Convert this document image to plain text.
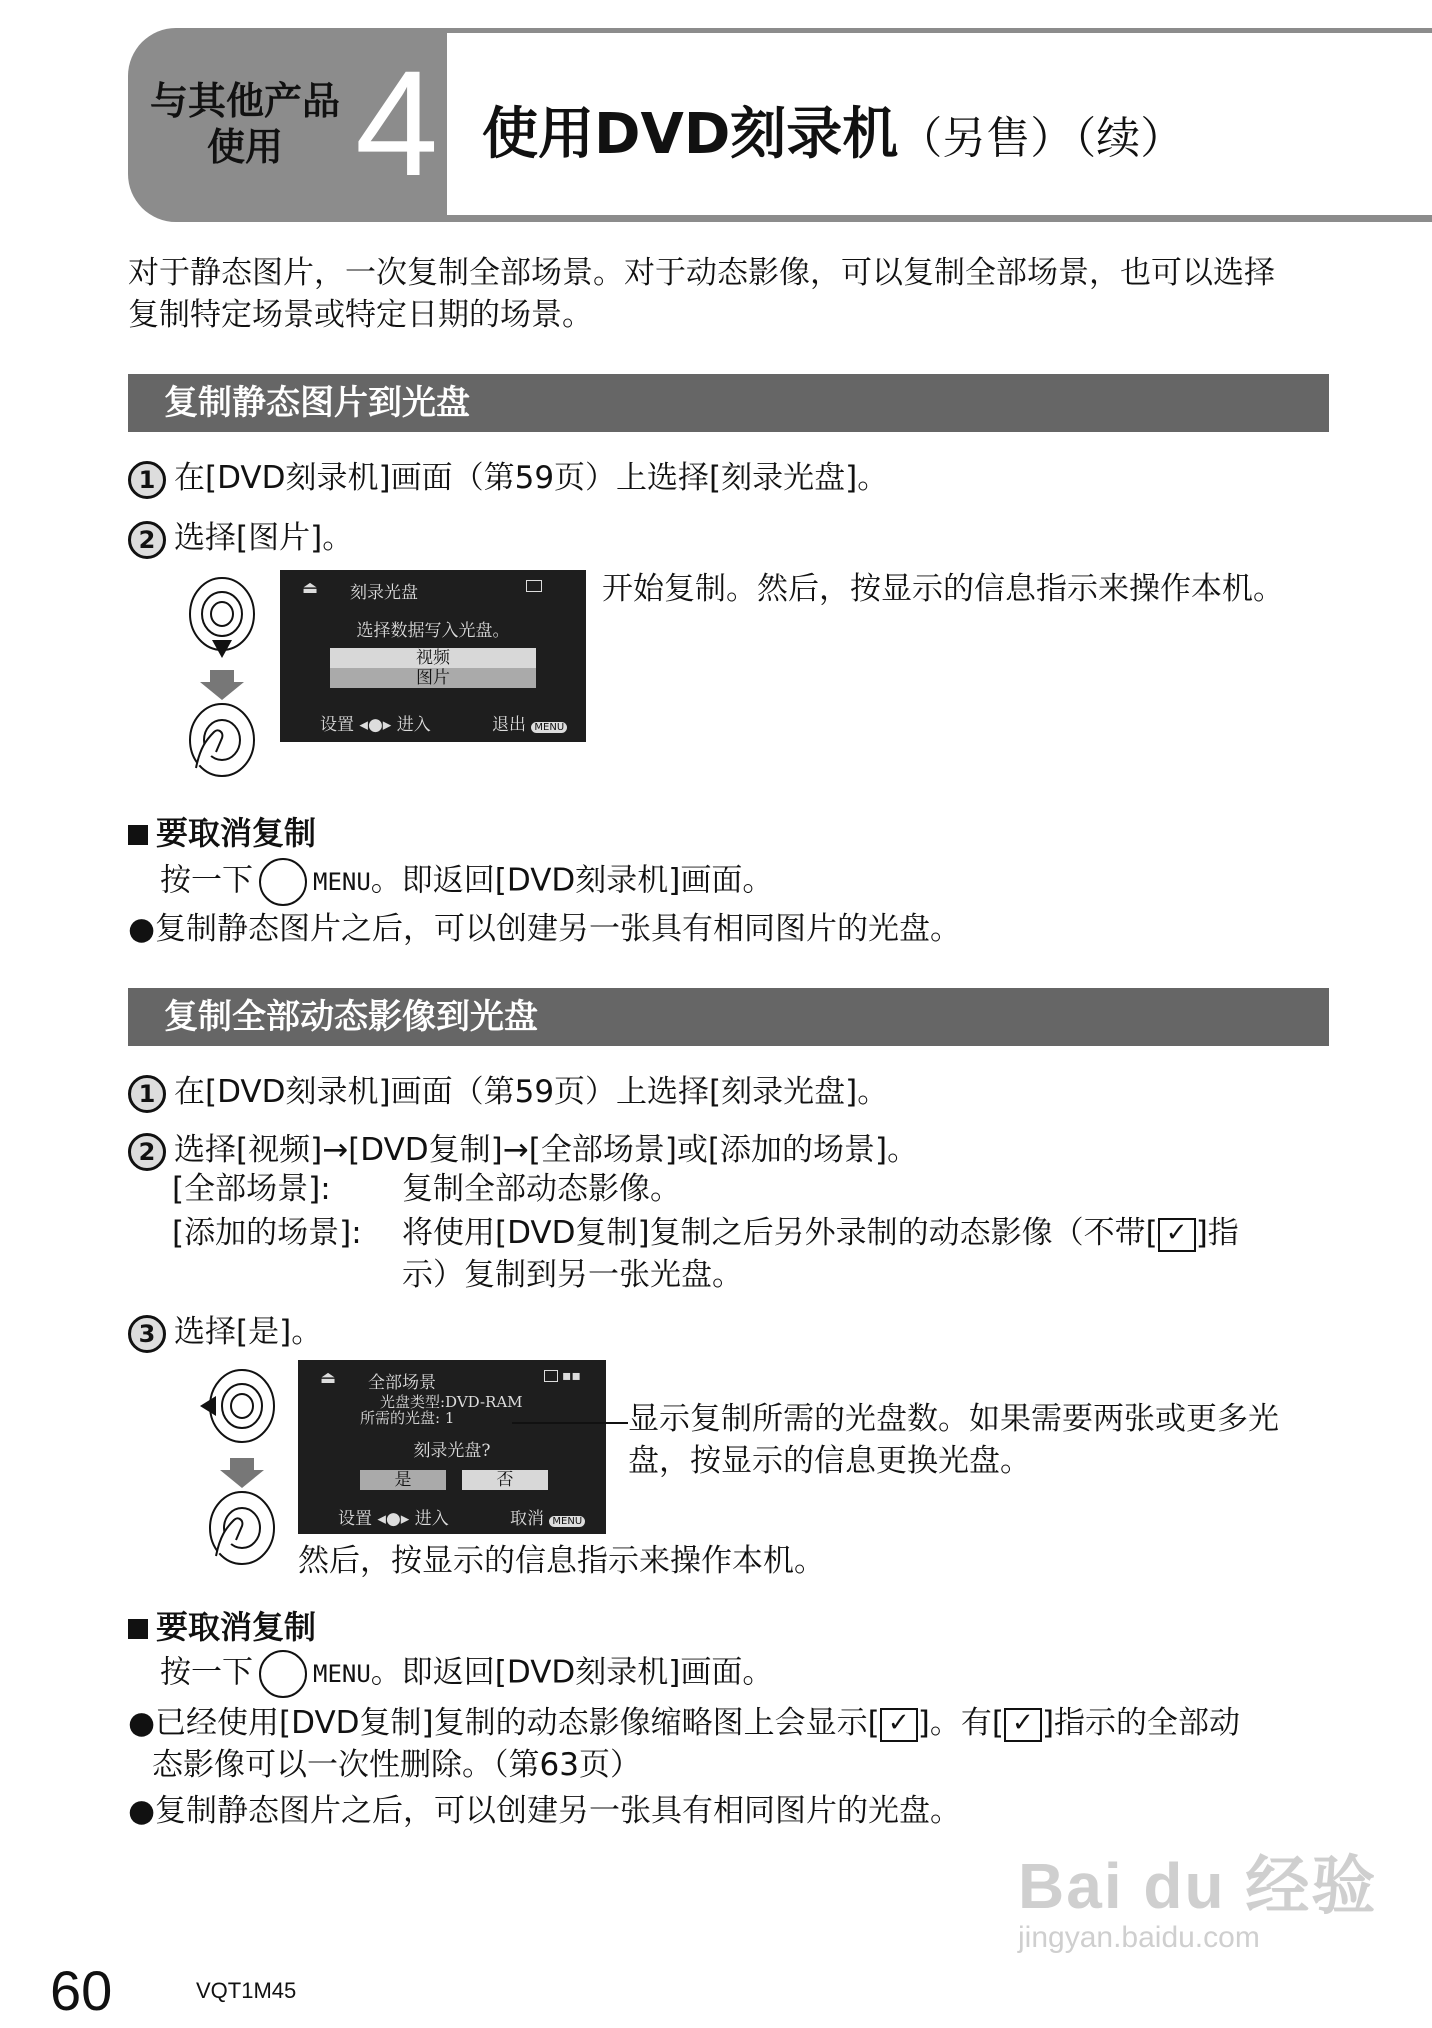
与其他产品
使用 4 使用DVD刻录机（另售）（续）
对于静态图片，一次复制全部场景。对于动态影像，可以复制全部场景，也可以选择
复制特定场景或特定日期的场景。
复制静态图片到光盘
1 在[DVD刻录机]画面（第59页）上选择[刻录光盘]。
2 选择[图片]。
⏏ 刻录光盘
选择数据写入光盘。
视频
图片
设置 ◂●▸ 进入	退出 MENU
开始复制。然后，按显示的信息指示来操作本机。
要取消复制
按一下	MENU。即返回[DVD刻录机]画面。
●复制静态图片之后，可以创建另一张具有相同图片的光盘。
复制全部动态影像到光盘
1 在[DVD刻录机]画面（第59页）上选择[刻录光盘]。
2 选择[视频]→[DVD复制]→[全部场景]或[添加的场景]。
[全部场景]: 复制全部动态影像。
[添加的场景]: 将使用[DVD复制]复制之后另外录制的动态影像（不带[ ✓ ]指
示）复制到另一张光盘。
3 选择[是]。
⏏ 全部场景	▪▪
光盘类型:DVD-RAM
所需的光盘: 1
刻录光盘?
是	否
设置 ◂●▸ 进入	取消 MENU
显示复制所需的光盘数。如果需要两张或更多光
盘，按显示的信息更换光盘。
然后，按显示的信息指示来操作本机。
要取消复制
按一下	MENU。即返回[DVD刻录机]画面。
●已经使用[DVD复制]复制的动态影像缩略图上会显示[ ✓ ]。有[ ✓ ]指示的全部动
态影像可以一次性删除。（第63页）
●复制静态图片之后，可以创建另一张具有相同图片的光盘。
Bai du 经验
jingyan.baidu.com
60	VQT1M45
